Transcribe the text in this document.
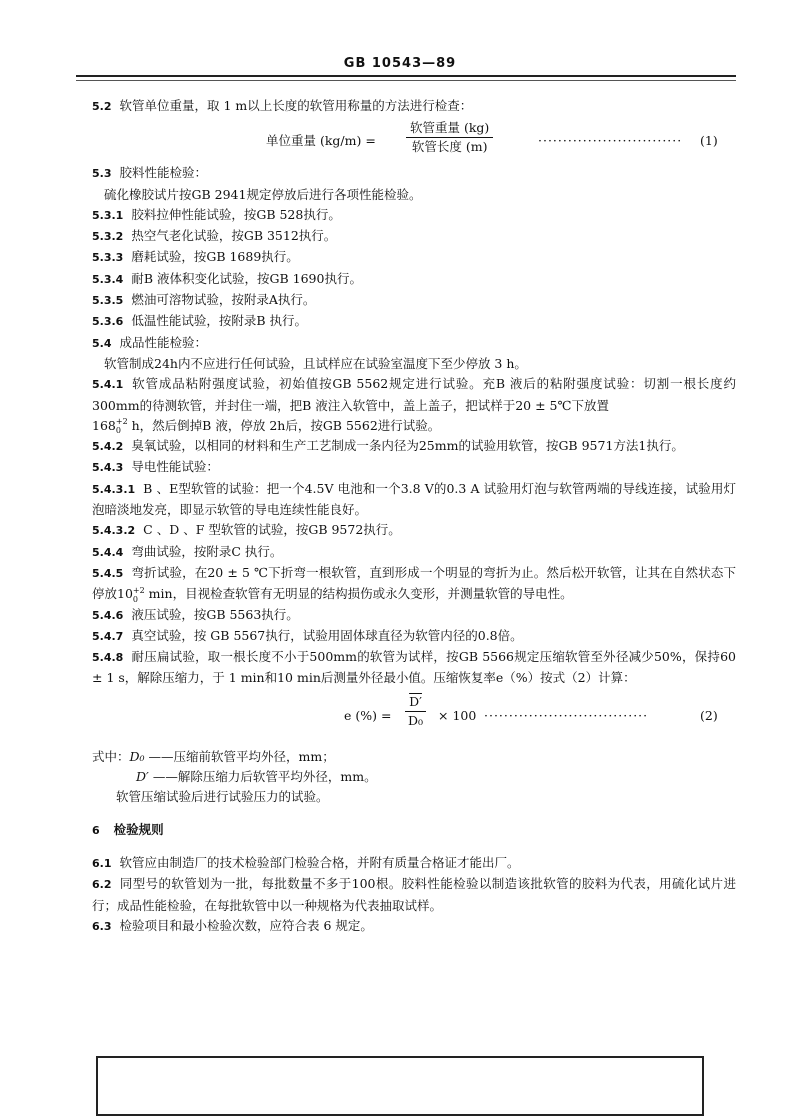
GB 10543—89
5.2 软管单位重量，取 1 m以上长度的软管用称量的方法进行检查：
单位重量 (kg/m) =
软管重量 (kg)
软管长度 (m)	····························· (1)
5.3 胶料性能检验：
硫化橡胶试片按GB 2941规定停放后进行各项性能检验。
5.3.1 胶料拉伸性能试验，按GB 528执行。
5.3.2 热空气老化试验，按GB 3512执行。
5.3.3 磨耗试验，按GB 1689执行。
5.3.4 耐B 液体积变化试验，按GB 1690执行。
5.3.5 燃油可溶物试验，按附录A执行。
5.3.6 低温性能试验，按附录B 执行。
5.4 成品性能检验：
软管制成24h内不应进行任何试验，且试样应在试验室温度下至少停放 3 h。
5.4.1 软管成品粘附强度试验，初始值按GB 5562规定进行试验。充B 液后的粘附强度试验：切割一根长度约300mm的待测软管，并封住一端，把B 液注入软管中，盖上盖子，把试样于20 ± 5℃下放置
168 +2
0 h，然后倒掉B 液，停放 2h后，按GB 5562进行试验。
5.4.2 臭氧试验，以相同的材料和生产工艺制成一条内径为25mm的试验用软管，按GB 9571方法1执行。
5.4.3 导电性能试验：
5.4.3.1 B 、E型软管的试验：把一个4.5V 电池和一个3.8 V的0.3 A 试验用灯泡与软管两端的导线连接，试验用灯泡暗淡地发亮，即显示软管的导电连续性能良好。
5.4.3.2 C 、D 、F 型软管的试验，按GB 9572执行。
5.4.4 弯曲试验，按附录C 执行。
5.4.5 弯折试验，在20 ± 5 ℃下折弯一根软管，直到形成一个明显的弯折为止。然后松开软管，让其在自然状态下停放10 +2
0 min，目视检查软管有无明显的结构损伤或永久变形，并测量软管的导电性。
5.4.6 液压试验，按GB 5563执行。
5.4.7 真空试验，按 GB 5567执行，试验用固体球直径为软管内径的0.8倍。
5.4.8 耐压扁试验，取一根长度不小于500mm的软管为试样，按GB 5566规定压缩软管至外径减少50%，保持60 ± 1 s，解除压缩力，于 1 min和10 min后测量外径最小值。压缩恢复率e（%）按式（2）计算：
e (%) = $\frac{D'}{\text{D₀}} \times 100$ ·································	(2)
式中：D₀ ——压缩前软管平均外径，mm；
D′ ——解除压缩力后软管平均外径，mm。
软管压缩试验后进行试验压力的试验。
6 检验规则
6.1 软管应由制造厂的技术检验部门检验合格，并附有质量合格证才能出厂。
6.2 同型号的软管划为一批，每批数量不多于100根。胶料性能检验以制造该批软管的胶料为代表，用硫化试片进行；成品性能检验，在每批软管中以一种规格为代表抽取试样。
6.3 检验项目和最小检验次数，应符合表 6 规定。
